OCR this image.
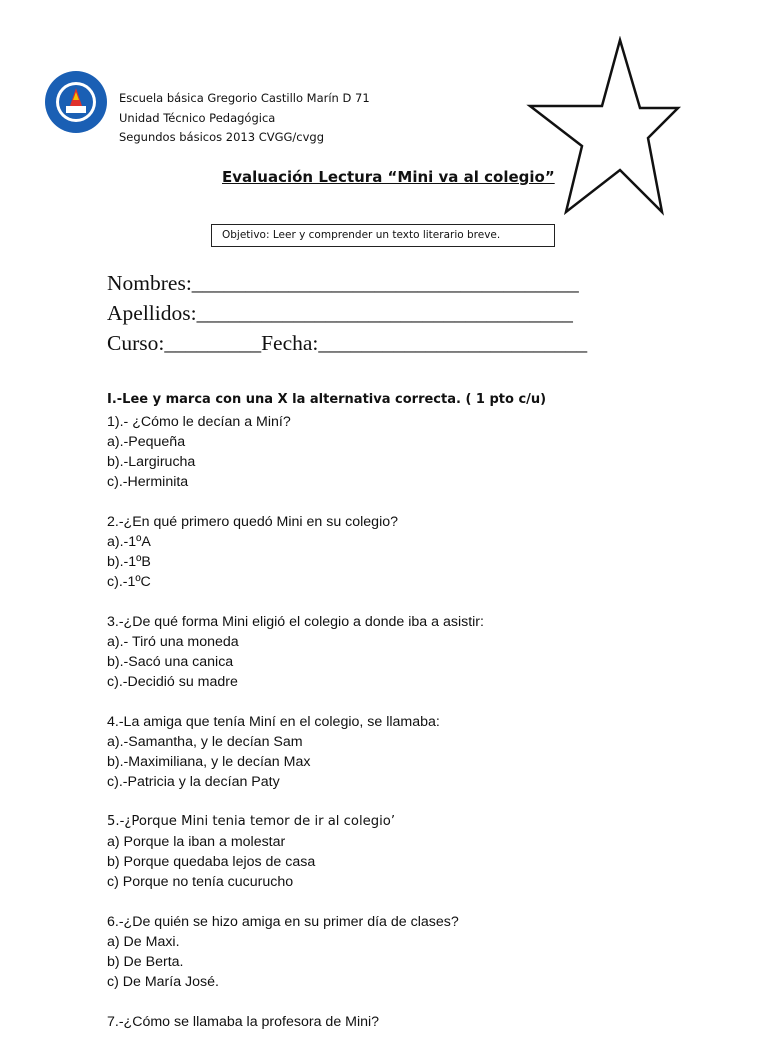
Escuela básica Gregorio Castillo Marín D 71
Unidad Técnico Pedagógica
Segundos básicos 2013 CVGG/cvgg
Evaluación Lectura “Mini va al colegio”
Objetivo: Leer y comprender un texto literario breve.
Nombres:____________________________________
Apellidos:___________________________________
Curso:_________Fecha:_________________________
I.-Lee y marca con una X la alternativa correcta. ( 1 pto c/u)
1).- ¿Cómo le decían a Miní?
a).-Pequeña
b).-Largirucha
c).-Herminita
2.-¿En qué primero quedó Mini en su colegio?
a).-1ºA
b).-1ºB
c).-1ºC
3.-¿De qué forma Mini eligió el colegio a donde iba a asistir:
a).- Tiró una moneda
b).-Sacó una canica
c).-Decidió su madre
4.-La amiga que tenía Miní en el colegio, se llamaba:
a).-Samantha, y le decían Sam
b).-Maximiliana, y le decían Max
c).-Patricia y la decían Paty
5.-¿Porque Mini tenia temor de ir al colegio’
a) Porque la iban a molestar
b) Porque quedaba lejos de casa
c) Porque no tenía cucurucho
6.-¿De quién se hizo amiga en su primer día de clases?
a) De Maxi.
b) De Berta.
c) De María José.
7.-¿Cómo se llamaba la profesora de Mini?
